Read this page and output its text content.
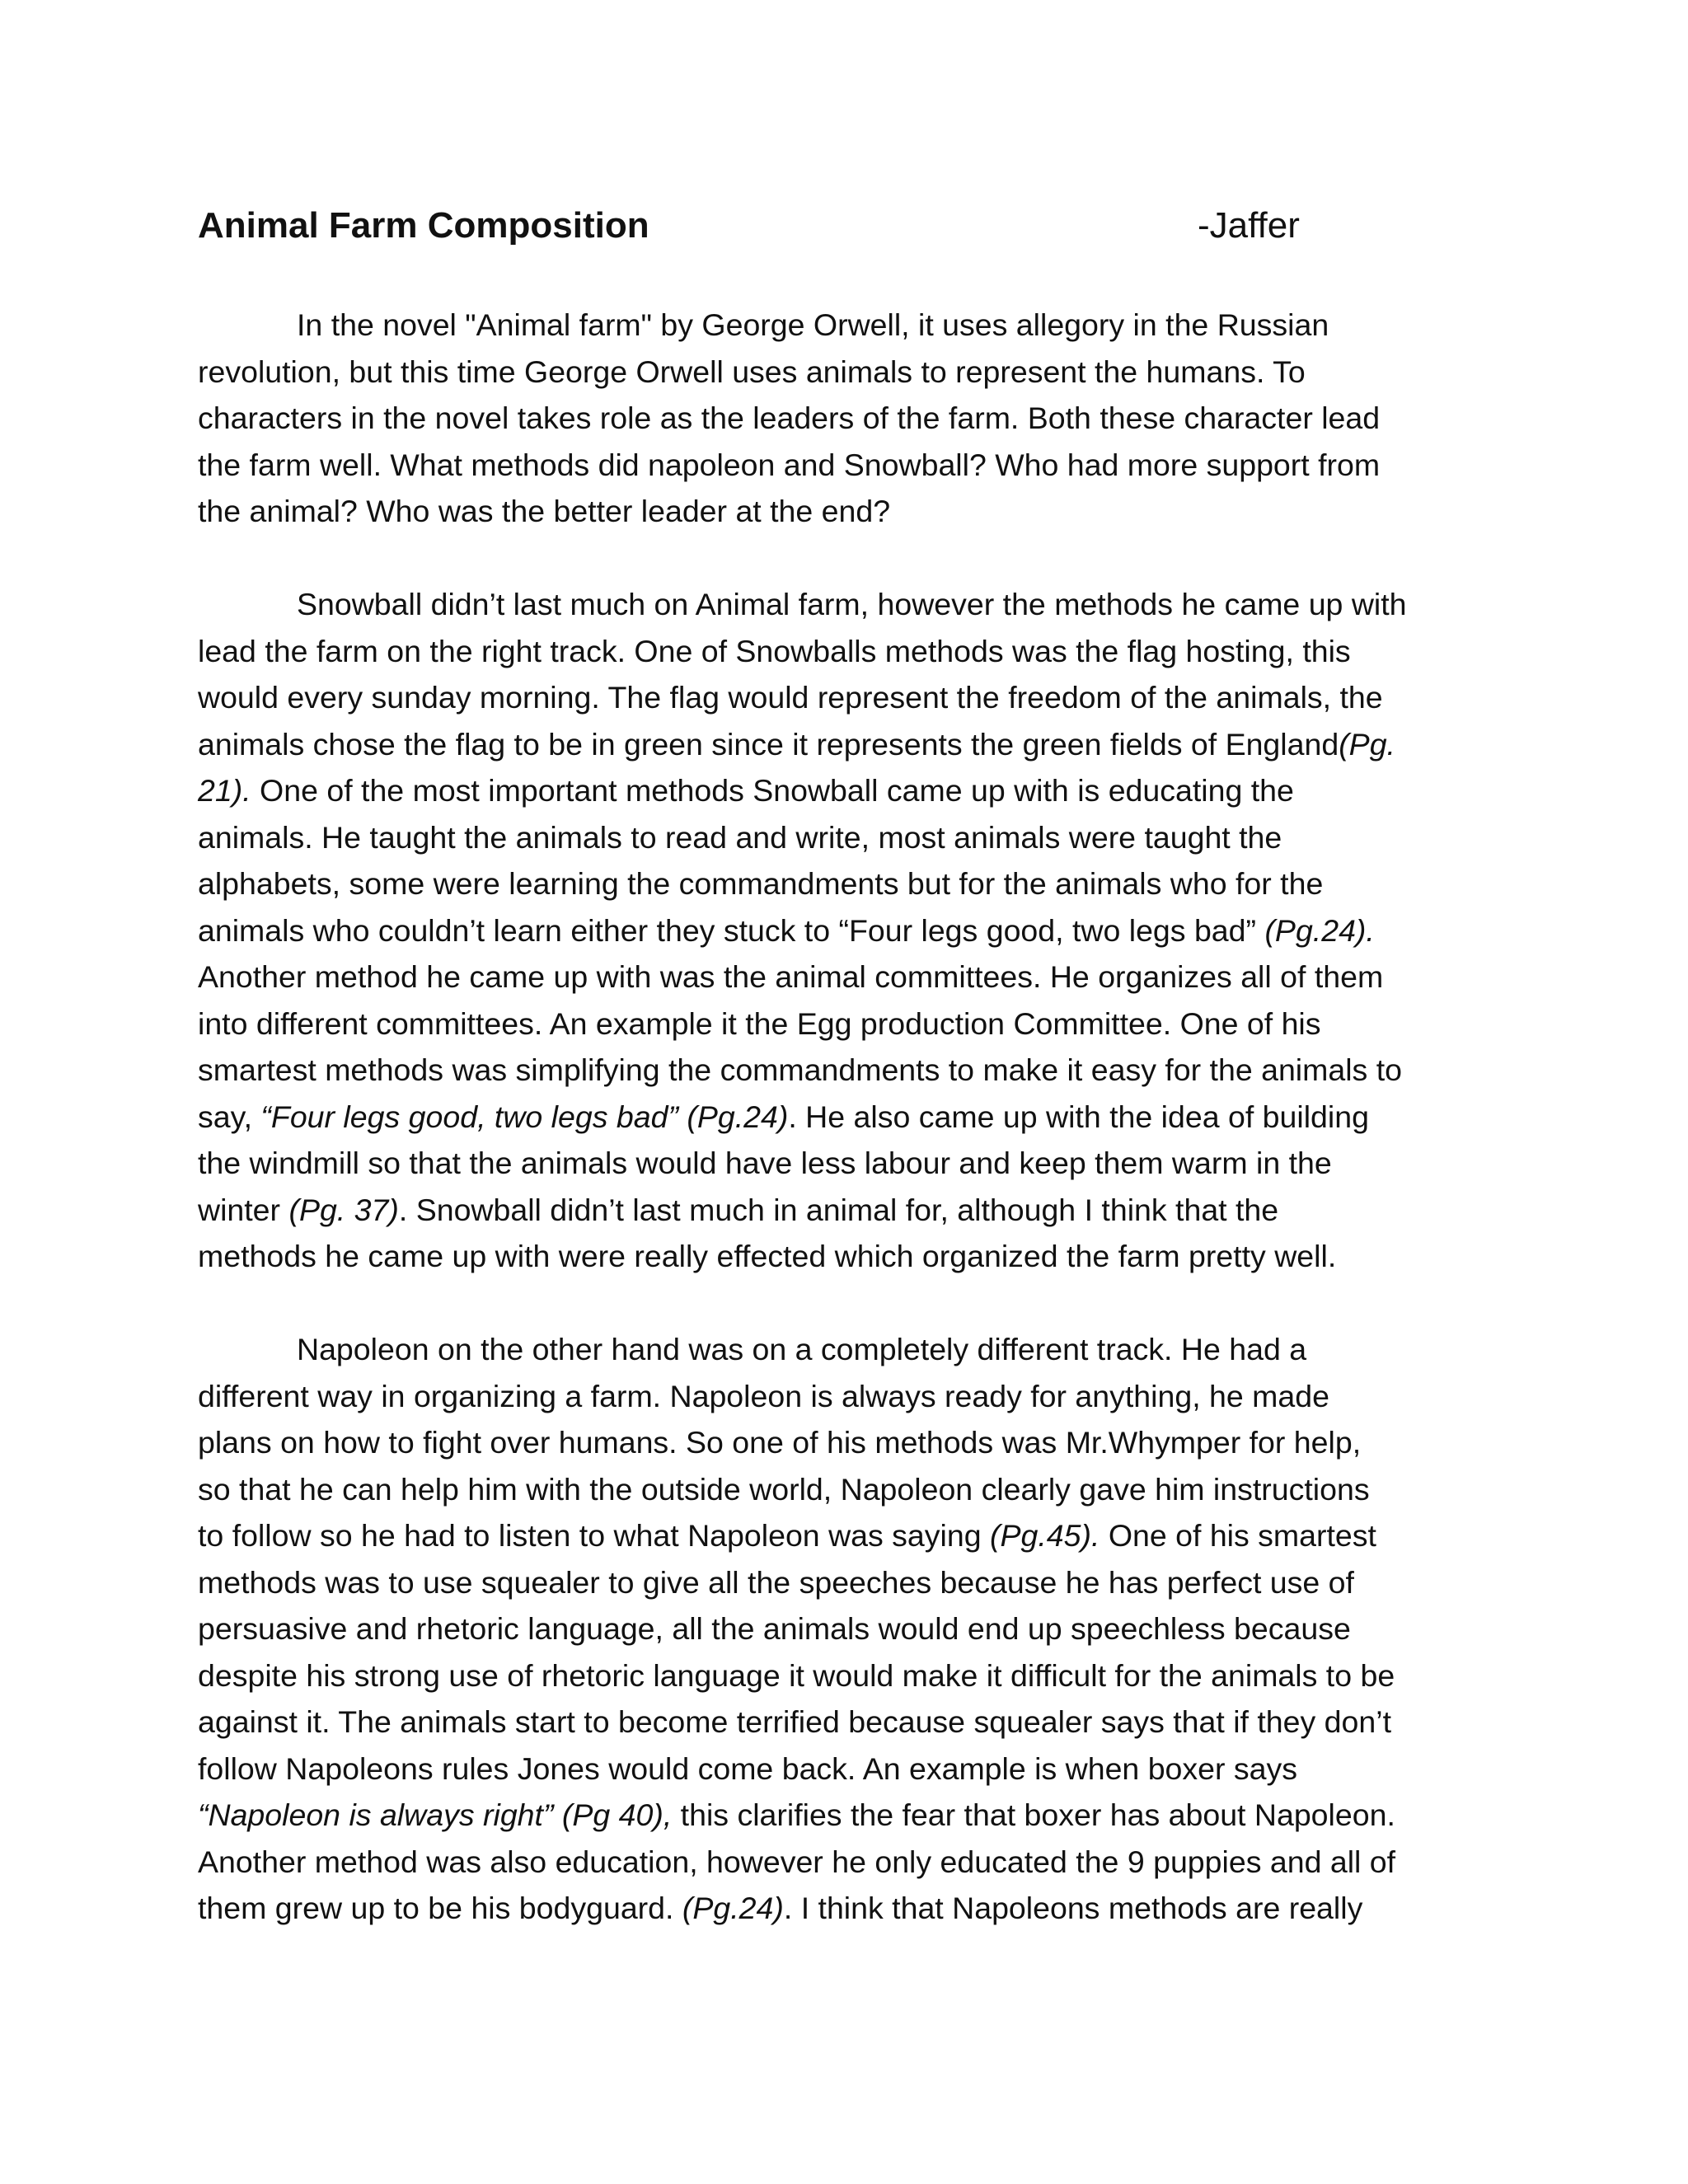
Animal Farm Composition	-Jaffer
In the novel "Animal farm" by George Orwell, it uses allegory in the Russian
revolution, but this time George Orwell uses animals to represent the humans. To
characters in the novel takes role as the leaders of the farm. Both these character lead
the farm well. What methods did napoleon and Snowball? Who had more support from
the animal? Who was the better leader at the end?
Snowball didn’t last much on Animal farm, however the methods he came up with
lead the farm on the right track. One of Snowballs methods was the flag hosting, this
would every sunday morning. The flag would represent the freedom of the animals, the
animals chose the flag to be in green since it represents the green fields of England(Pg.
21). One of the most important methods Snowball came up with is educating the
animals. He taught the animals to read and write, most animals were taught the
alphabets, some were learning the commandments but for the animals who for the
animals who couldn’t learn either they stuck to “Four legs good, two legs bad” (Pg.24).
Another method he came up with was the animal committees. He organizes all of them
into different committees. An example it the Egg production Committee. One of his
smartest methods was simplifying the commandments to make it easy for the animals to
say, “Four legs good, two legs bad” (Pg.24). He also came up with the idea of building
the windmill so that the animals would have less labour and keep them warm in the
winter (Pg. 37). Snowball didn’t last much in animal for, although I think that the
methods he came up with were really effected which organized the farm pretty well.
Napoleon on the other hand was on a completely different track. He had a
different way in organizing a farm. Napoleon is always ready for anything, he made
plans on how to fight over humans. So one of his methods was Mr.Whymper for help,
so that he can help him with the outside world, Napoleon clearly gave him instructions
to follow so he had to listen to what Napoleon was saying (Pg.45). One of his smartest
methods was to use squealer to give all the speeches because he has perfect use of
persuasive and rhetoric language, all the animals would end up speechless because
despite his strong use of rhetoric language it would make it difficult for the animals to be
against it. The animals start to become terrified because squealer says that if they don’t
follow Napoleons rules Jones would come back. An example is when boxer says
“Napoleon is always right” (Pg 40), this clarifies the fear that boxer has about Napoleon.
Another method was also education, however he only educated the 9 puppies and all of
them grew up to be his bodyguard. (Pg.24). I think that Napoleons methods are really
